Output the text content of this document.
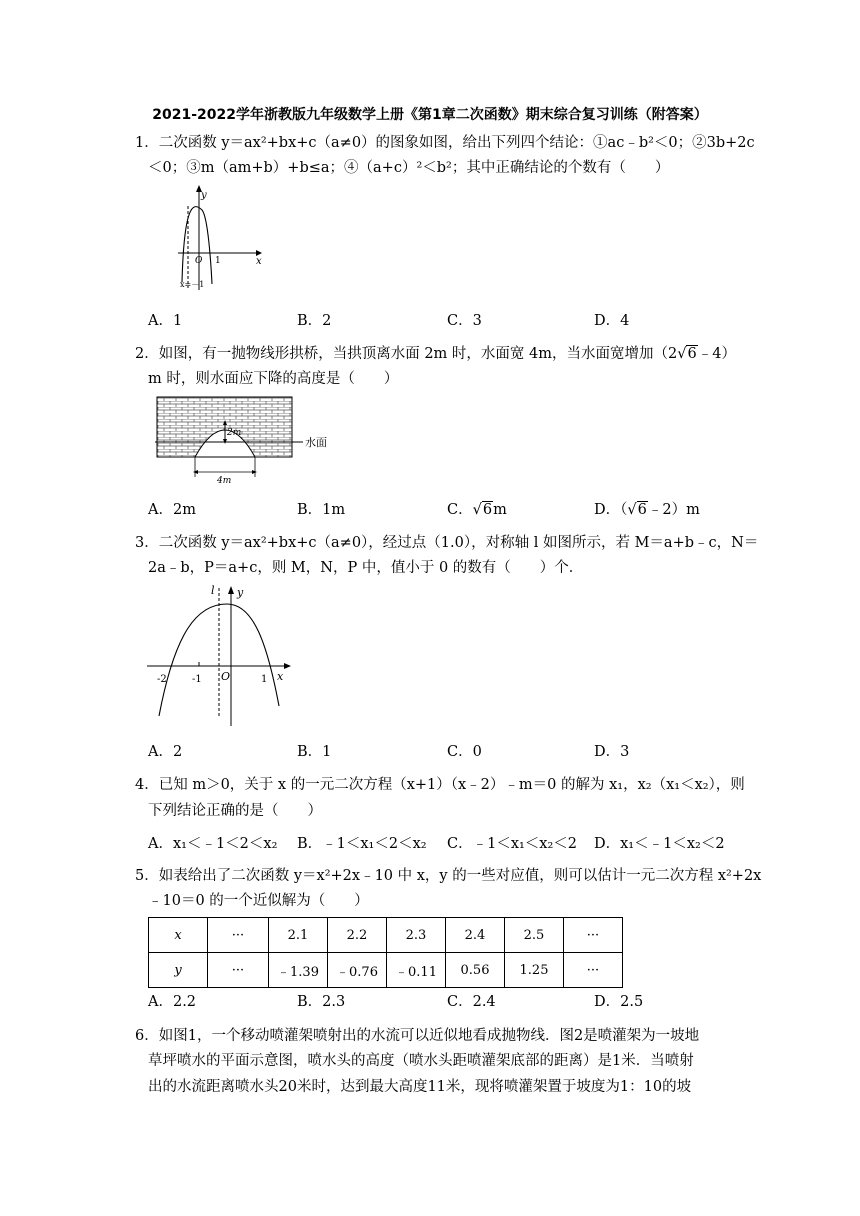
2021-2022学年浙教版九年级数学上册《第1章二次函数》期末综合复习训练（附答案）
1．二次函数 y＝ax²+bx+c（a≠0）的图象如图，给出下列四个结论：①ac﹣b²＜0；②3b+2c
＜0；③m（am+b）+b≤a；④（a+c）²＜b²；其中正确结论的个数有（　　）
y
x
O 1
x=－1
A．1	B．2	C．3	D．4
2．如图，有一抛物线形拱桥，当拱顶离水面 2m 时，水面宽 4m，当水面宽增加（2√6﹣4）
m 时，则水面应下降的高度是（　　）
2m
4m
水面
A．2m	B．1m	C．√6m	D．（√6﹣2）m
3．二次函数 y＝ax²+bx+c（a≠0），经过点（1.0），对称轴 l 如图所示，若 M＝a+b﹣c，N＝
2a﹣b，P＝a+c，则 M，N，P 中，值小于 0 的数有（　　）个．
l y
x
O
-2	-1	1
A．2	B．1	C．0	D．3
4．已知 m＞0，关于 x 的一元二次方程（x+1）（x﹣2）﹣m＝0 的解为 x₁，x₂（x₁＜x₂），则
下列结论正确的是（　　）
A．x₁＜﹣1＜2＜x₂ B．﹣1＜x₁＜2＜x₂ C．﹣1＜x₁＜x₂＜2 D．x₁＜﹣1＜x₂＜2
5．如表给出了二次函数 y＝x²+2x﹣10 中 x，y 的一些对应值，则可以估计一元二次方程 x²+2x
﹣10＝0 的一个近似解为（　　）
x	···	2.1	2.2	2.3	2.4	2.5	···
y	···	﹣1.39	﹣0.76	﹣0.11	0.56	1.25	···
A．2.2	B．2.3	C．2.4	D．2.5
6．如图1，一个移动喷灌架喷射出的水流可以近似地看成抛物线．图2是喷灌架为一坡地
草坪喷水的平面示意图，喷水头的高度（喷水头距喷灌架底部的距离）是1米．当喷射
出的水流距离喷水头20米时，达到最大高度11米，现将喷灌架置于坡度为1：10的坡
